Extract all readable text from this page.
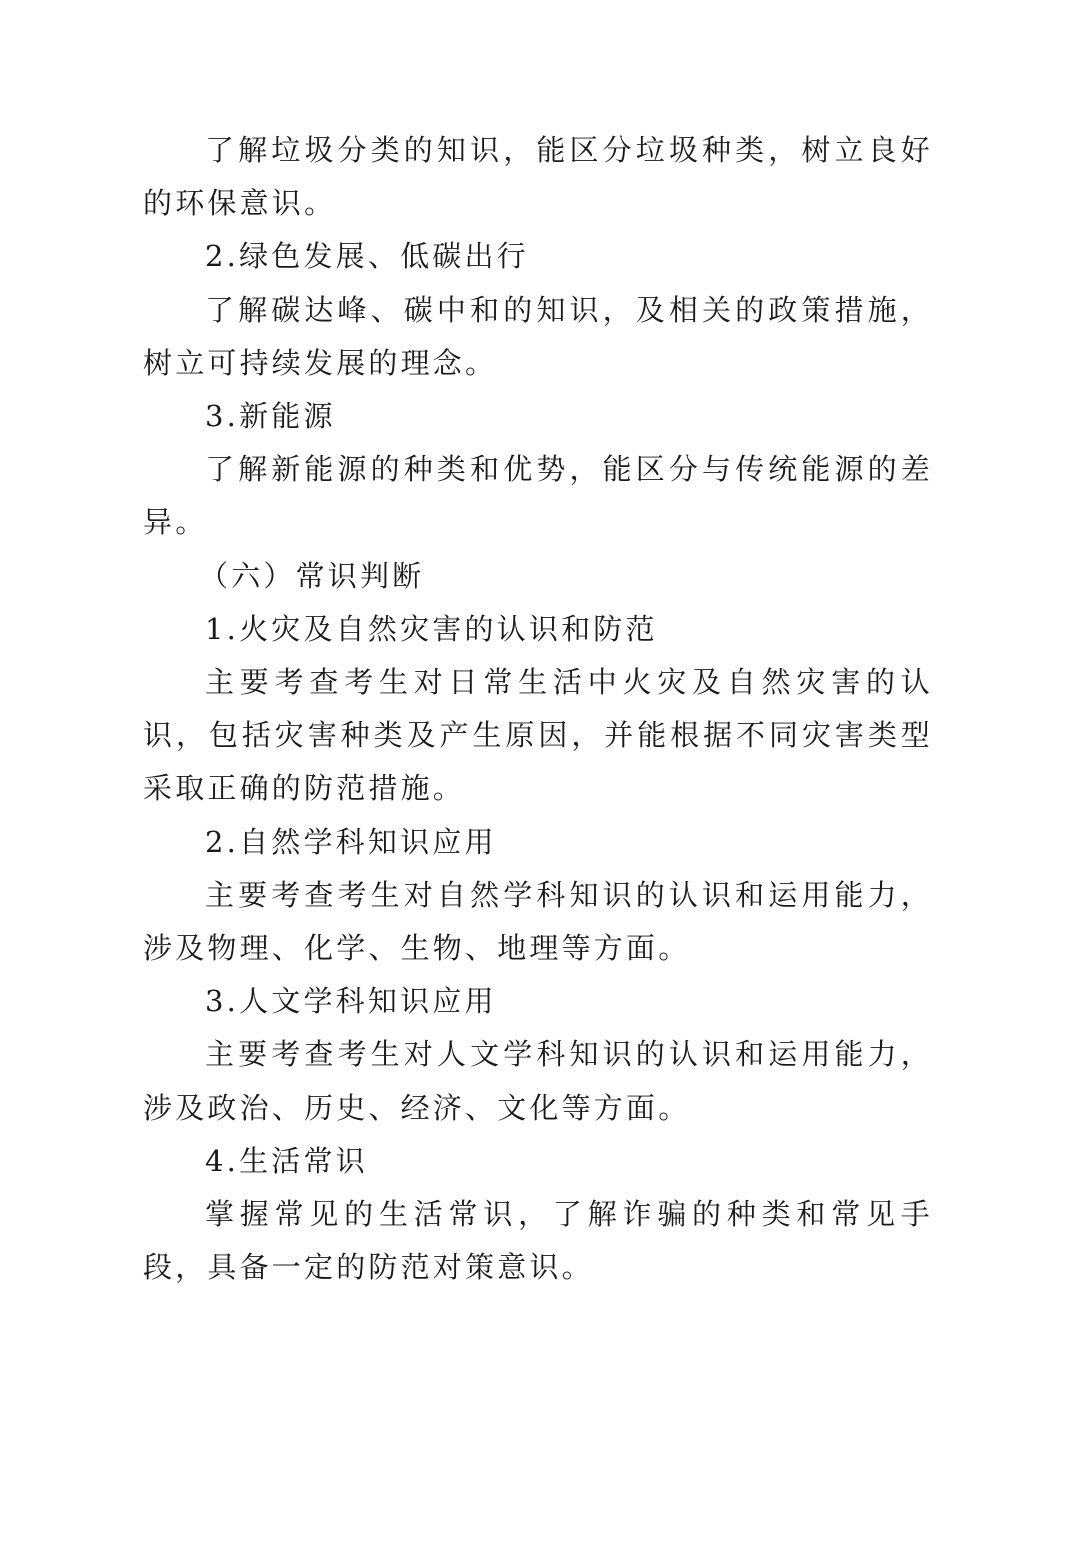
了解垃圾分类的知识，能区分垃圾种类，树立良好的环保意识。

2.绿色发展、低碳出行

了解碳达峰、碳中和的知识，及相关的政策措施，树立可持续发展的理念。

3.新能源

了解新能源的种类和优势，能区分与传统能源的差异。

（六）常识判断

1.火灾及自然灾害的认识和防范

主要考查考生对日常生活中火灾及自然灾害的认识，包括灾害种类及产生原因，并能根据不同灾害类型采取正确的防范措施。

2.自然学科知识应用

主要考查考生对自然学科知识的认识和运用能力，涉及物理、化学、生物、地理等方面。

3.人文学科知识应用

主要考查考生对人文学科知识的认识和运用能力，涉及政治、历史、经济、文化等方面。

4.生活常识

掌握常见的生活常识，了解诈骗的种类和常见手段，具备一定的防范对策意识。
